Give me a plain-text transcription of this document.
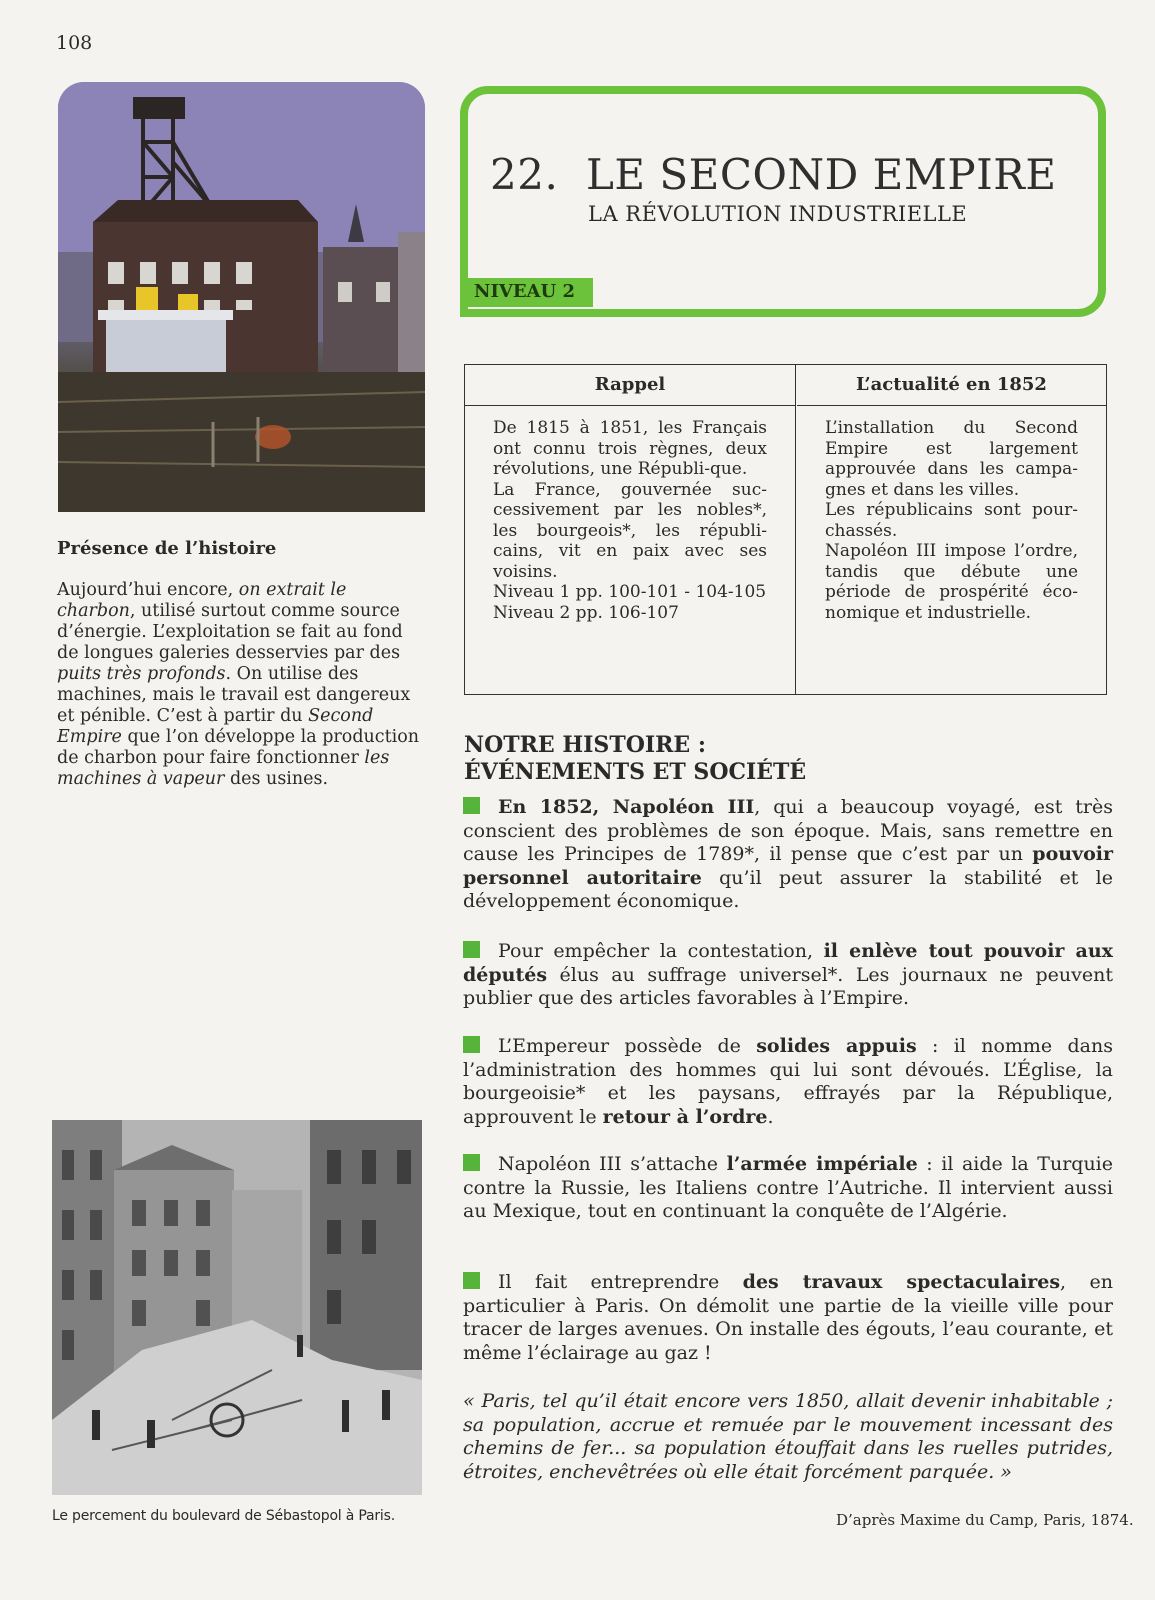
108
Présence de l’histoire
Aujourd’hui encore, on extrait le charbon, utilisé surtout comme source d’énergie. L’exploitation se fait au fond de longues galeries desservies par des puits très profonds. On utilise des machines, mais le travail est dangereux et pénible. C’est à partir du Second Empire que l’on développe la production de charbon pour faire fonctionner les machines à vapeur des usines.
Le percement du boulevard de Sébastopol à Paris.
22. LE SECOND EMPIRE
LA RÉVOLUTION INDUSTRIELLE
NIVEAU 2
Rappel

De 1815 à 1851, les Français ont connu trois règnes, deux révolutions, une Républi-que.

La France, gouvernée suc-cessivement par les nobles*, les bourgeois*, les républi-cains, vit en paix avec ses voisins.

Niveau 1 pp. 100-101 - 104-105

Niveau 2 pp. 106-107

L’actualité en 1852

L’installation du Second Empire est largement approuvée dans les campa-gnes et dans les villes.

Les républicains sont pour-chassés.

Napoléon III impose l’ordre, tandis que débute une période de prospérité éco-nomique et industrielle.

NOTRE HISTOIRE :
ÉVÉNEMENTS ET SOCIÉTÉ
En 1852, Napoléon III, qui a beaucoup voyagé, est très conscient des problèmes de son époque. Mais, sans remettre en cause les Principes de 1789*, il pense que c’est par un pouvoir personnel autoritaire qu’il peut assurer la stabilité et le développement économique.
Pour empêcher la contestation, il enlève tout pouvoir aux députés élus au suffrage universel*. Les journaux ne peuvent publier que des articles favorables à l’Empire.
L’Empereur possède de solides appuis : il nomme dans l’administration des hommes qui lui sont dévoués. L’Église, la bourgeoisie* et les paysans, effrayés par la République, approuvent le retour à l’ordre.
Napoléon III s’attache l’armée impériale : il aide la Turquie contre la Russie, les Italiens contre l’Autriche. Il intervient aussi au Mexique, tout en continuant la conquête de l’Algérie.
Il fait entreprendre des travaux spectaculaires, en particulier à Paris. On démolit une partie de la vieille ville pour tracer de larges avenues. On installe des égouts, l’eau courante, et même l’éclairage au gaz !
« Paris, tel qu’il était encore vers 1850, allait devenir inhabitable ; sa population, accrue et remuée par le mouvement incessant des chemins de fer... sa population étouffait dans les ruelles putrides, étroites, enchevêtrées où elle était forcément parquée. »
D’après Maxime du Camp, Paris, 1874.
